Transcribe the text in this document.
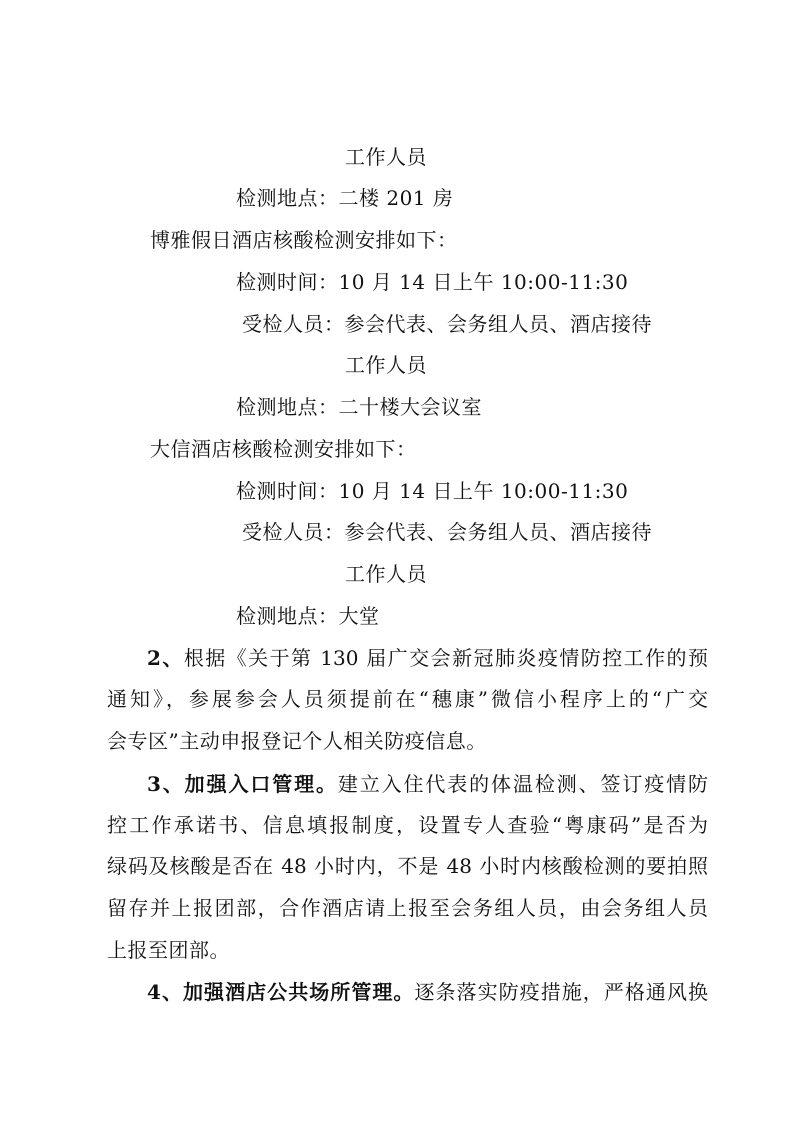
工作人员
检测地点：二楼 201 房
博雅假日酒店核酸检测安排如下：
检测时间：10 月 14 日上午 10:00-11:30
受检人员：参会代表、会务组人员、酒店接待
工作人员
检测地点：二十楼大会议室
大信酒店核酸检测安排如下：
检测时间：10 月 14 日上午 10:00-11:30
受检人员：参会代表、会务组人员、酒店接待
工作人员
检测地点：大堂
2、根据《关于第 130 届广交会新冠肺炎疫情防控工作的预
通知》，参展参会人员须提前在“穗康”微信小程序上的“广交
会专区”主动申报登记个人相关防疫信息。
3、加强入口管理。建立入住代表的体温检测、签订疫情防
控工作承诺书、信息填报制度，设置专人查验“粤康码”是否为
绿码及核酸是否在 48 小时内，不是 48 小时内核酸检测的要拍照
留存并上报团部，合作酒店请上报至会务组人员，由会务组人员
上报至团部。
4、加强酒店公共场所管理。逐条落实防疫措施，严格通风换
